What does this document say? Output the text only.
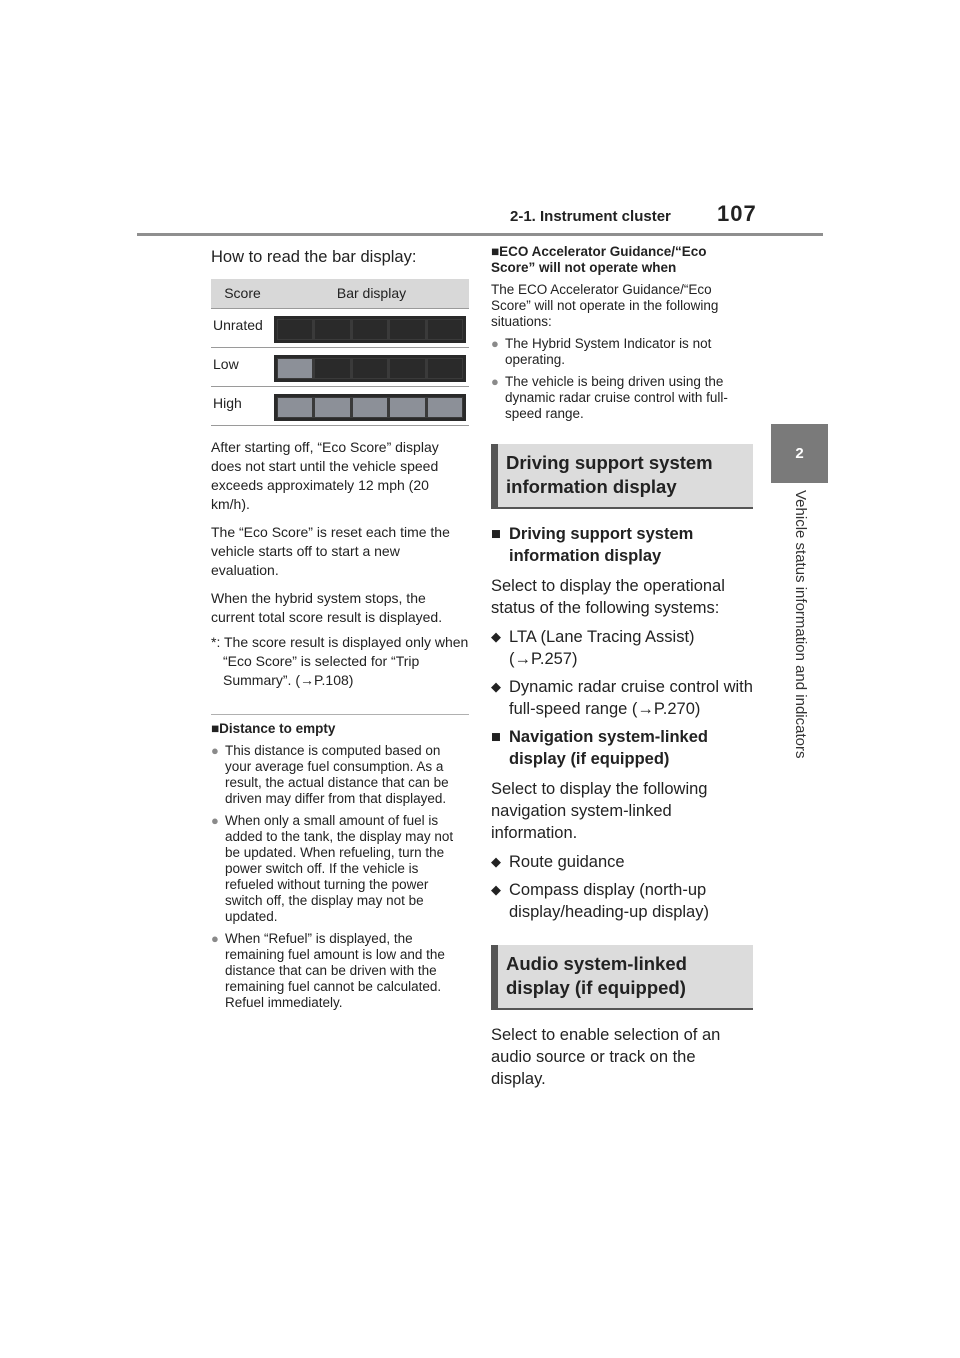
2-1. Instrument cluster 107
2
Vehicle status information and indicators
How to read the bar display:
Score	Bar display
Unrated	

Low	

High	

After starting off, “Eco Score” display does not start until the vehicle speed exceeds approximately 12 mph (20 km/h).

The “Eco Score” is reset each time the vehicle starts off to start a new evaluation.

When the hybrid system stops, the current total score result is displayed.

*: The score result is displayed only when “Eco Score” is selected for “Trip Summary”. (→P.108)

■Distance to empty
● This distance is computed based on your average fuel consumption. As a result, the actual distance that can be driven may differ from that displayed.
● When only a small amount of fuel is added to the tank, the display may not be updated. When refueling, turn the power switch off. If the vehicle is refueled without turning the power switch off, the display may not be updated.
● When “Refuel” is displayed, the remaining fuel amount is low and the distance that can be driven with the remaining fuel cannot be calculated. Refuel immediately.
■ECO Accelerator Guidance/“Eco Score” will not operate when

The ECO Accelerator Guidance/“Eco Score” will not operate in the following situations:

● The Hybrid System Indicator is not operating.
● The vehicle is being driven using the dynamic radar cruise control with full-speed range.
Driving support system information display
■ Driving support system information display

Select to display the operational status of the following systems:

◆ LTA (Lane Tracing Assist) (→P.257)
◆ Dynamic radar cruise control with full-speed range (→P.270)
■ Navigation system-linked display (if equipped)

Select to display the following navigation system-linked information.

◆ Route guidance
◆ Compass display (north-up display/heading-up display)
Audio system-linked display (if equipped)

Select to enable selection of an audio source or track on the display.
